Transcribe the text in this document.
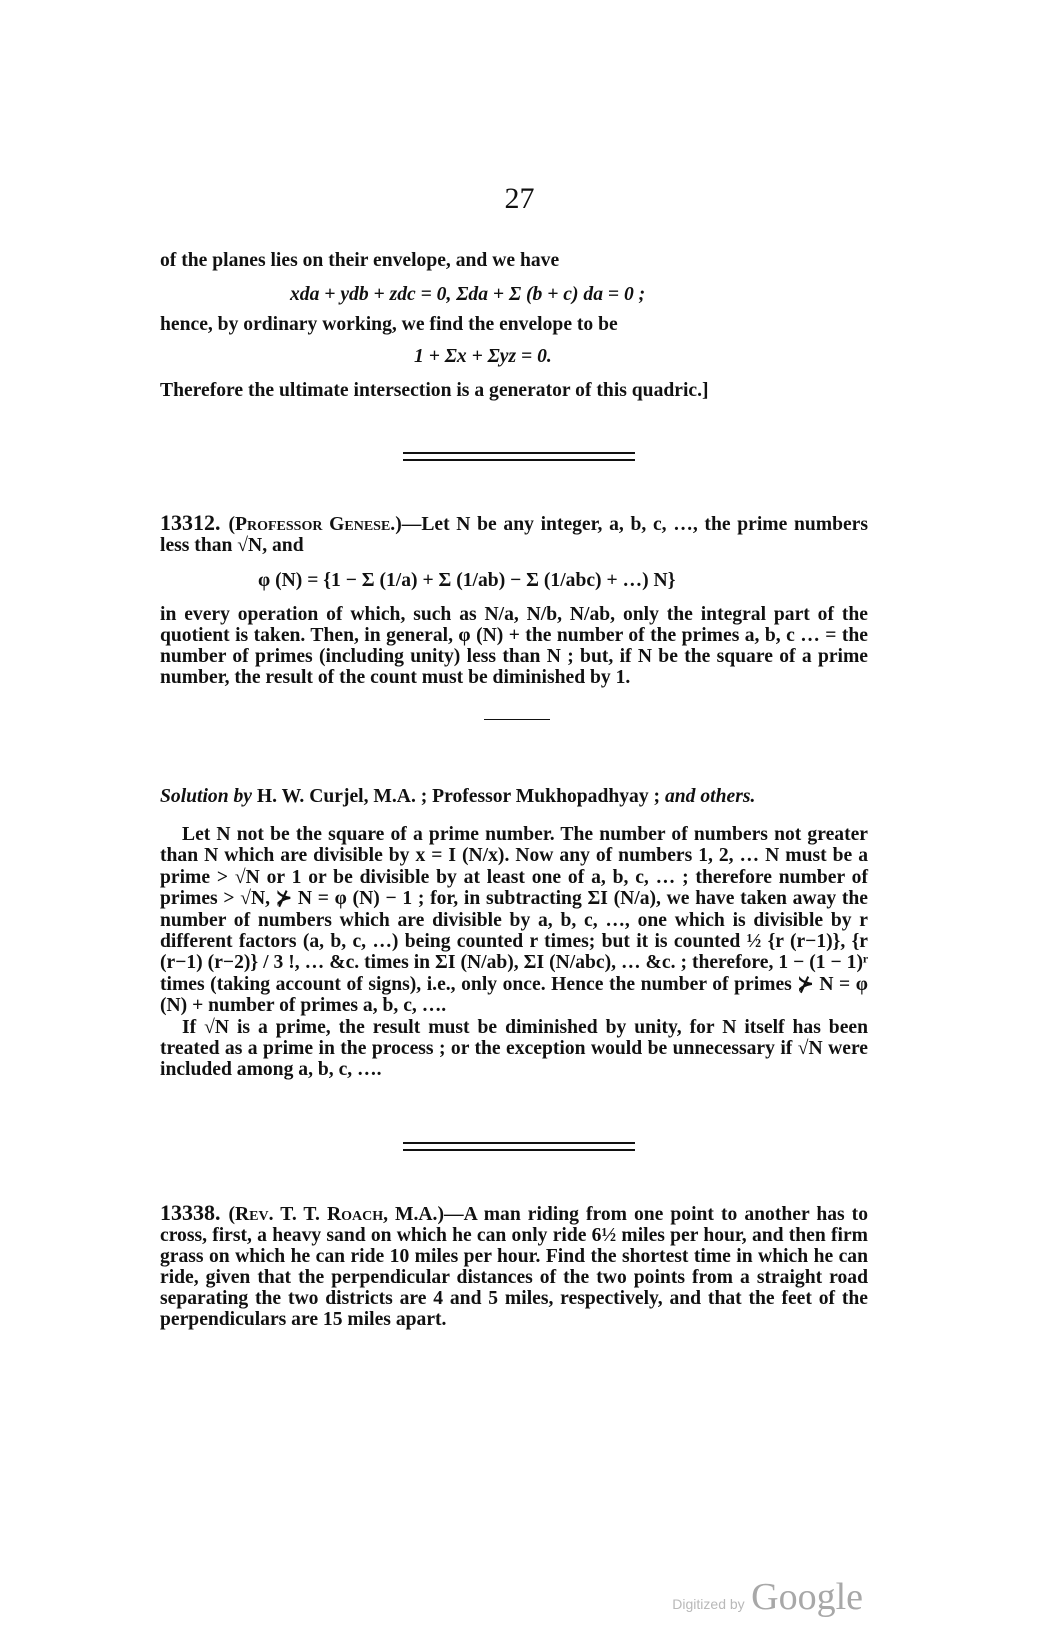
27
of the planes lies on their envelope, and we have
xda + ydb + zdc = 0, Σda + Σ (b + c) da = 0 ;
hence, by ordinary working, we find the envelope to be
1 + Σx + Σyz = 0.
Therefore the ultimate intersection is a generator of this quadric.]
13312. (Professor Genese.)—Let N be any integer, a, b, c, …, the prime numbers less than √N, and
φ (N) = {1 − Σ (1/a) + Σ (1/ab) − Σ (1/abc) + …) N}
in every operation of which, such as N/a, N/b, N/ab, only the integral part of the quotient is taken. Then, in general, φ (N) + the number of the primes a, b, c … = the number of primes (including unity) less than N ; but, if N be the square of a prime number, the result of the count must be diminished by 1.
Solution by H. W. Curjel, M.A. ; Professor Mukhopadhyay ; and others.

Let N not be the square of a prime number. The number of numbers not greater than N which are divisible by x = I (N/x). Now any of numbers 1, 2, … N must be a prime > √N or 1 or be divisible by at least one of a, b, c, … ; therefore number of primes > √N, ⊁ N = φ (N) − 1 ; for, in subtracting ΣI (N/a), we have taken away the number of numbers which are divisible by a, b, c, …, one which is divisible by r different factors (a, b, c, …) being counted r times; but it is counted ½ {r (r−1)}, {r (r−1) (r−2)} / 3 !, … &c. times in ΣI (N/ab), ΣI (N/abc), … &c. ; therefore, 1 − (1 − 1)ʳ times (taking account of signs), i.e., only once. Hence the number of primes ⊁ N = φ (N) + number of primes a, b, c, ….

If √N is a prime, the result must be diminished by unity, for N itself has been treated as a prime in the process ; or the exception would be unnecessary if √N were included among a, b, c, ….

13338. (Rev. T. T. Roach, M.A.)—A man riding from one point to another has to cross, first, a heavy sand on which he can only ride 6½ miles per hour, and then firm grass on which he can ride 10 miles per hour. Find the shortest time in which he can ride, given that the perpendicular distances of the two points from a straight road separating the two districts are 4 and 5 miles, respectively, and that the feet of the perpendiculars are 15 miles apart.
Digitized by Google
